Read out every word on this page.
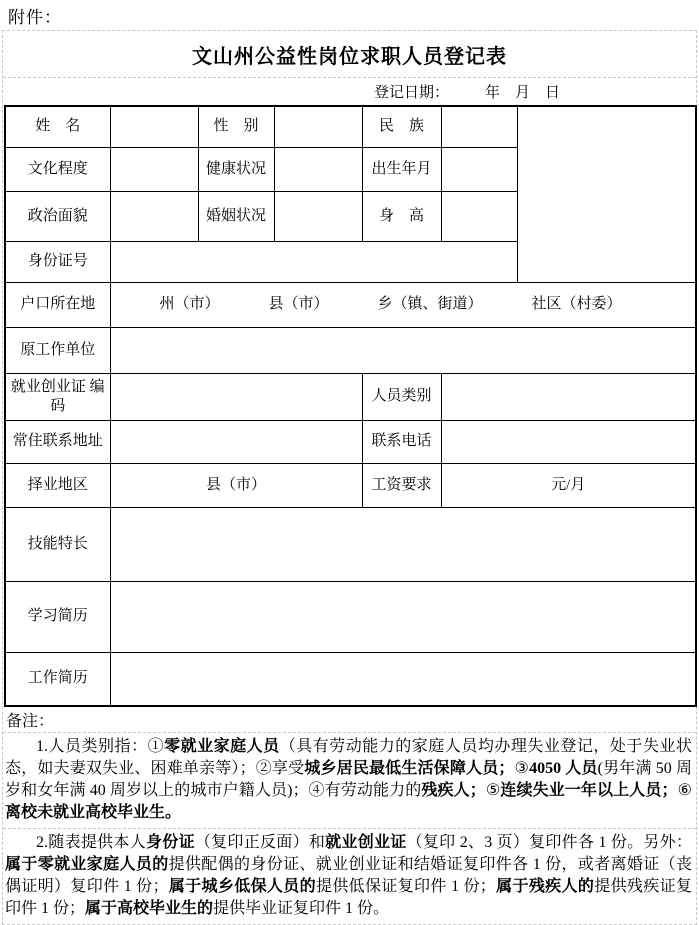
附件：
文山州公益性岗位求职人员登记表
登记日期： 年　月　日
姓　名		性　别		民　族		
文化程度		健康状况		出生年月		
政治面貌		婚姻状况		身　高		
身份证号						
户口所在地	州（市） 县（市） 乡（镇、街道） 社区（村委）					

原工作单位						
就业创业证 编码				人员类别		
常住联系地址				联系电话		
择业地区	县（市）			工资要求	元/月	
技能特长						
学习简历						
工作简历						
备注：
1.人员类别指：①零就业家庭人员（具有劳动能力的家庭人员均办理失业登记，处于失业状态，如夫妻双失业、困难单亲等）；②享受城乡居民最低生活保障人员；③4050 人员(男年满 50 周岁和女年满 40 周岁以上的城市户籍人员)；④有劳动能力的残疾人；⑤连续失业一年以上人员；⑥离校未就业高校毕业生。
2.随表提供本人身份证（复印正反面）和就业创业证（复印 2、3 页）复印件各 1 份。另外：属于零就业家庭人员的提供配偶的身份证、就业创业证和结婚证复印件各 1 份，或者离婚证（丧偶证明）复印件 1 份；属于城乡低保人员的提供低保证复印件 1 份；属于残疾人的提供残疾证复印件 1 份；属于高校毕业生的提供毕业证复印件 1 份。
